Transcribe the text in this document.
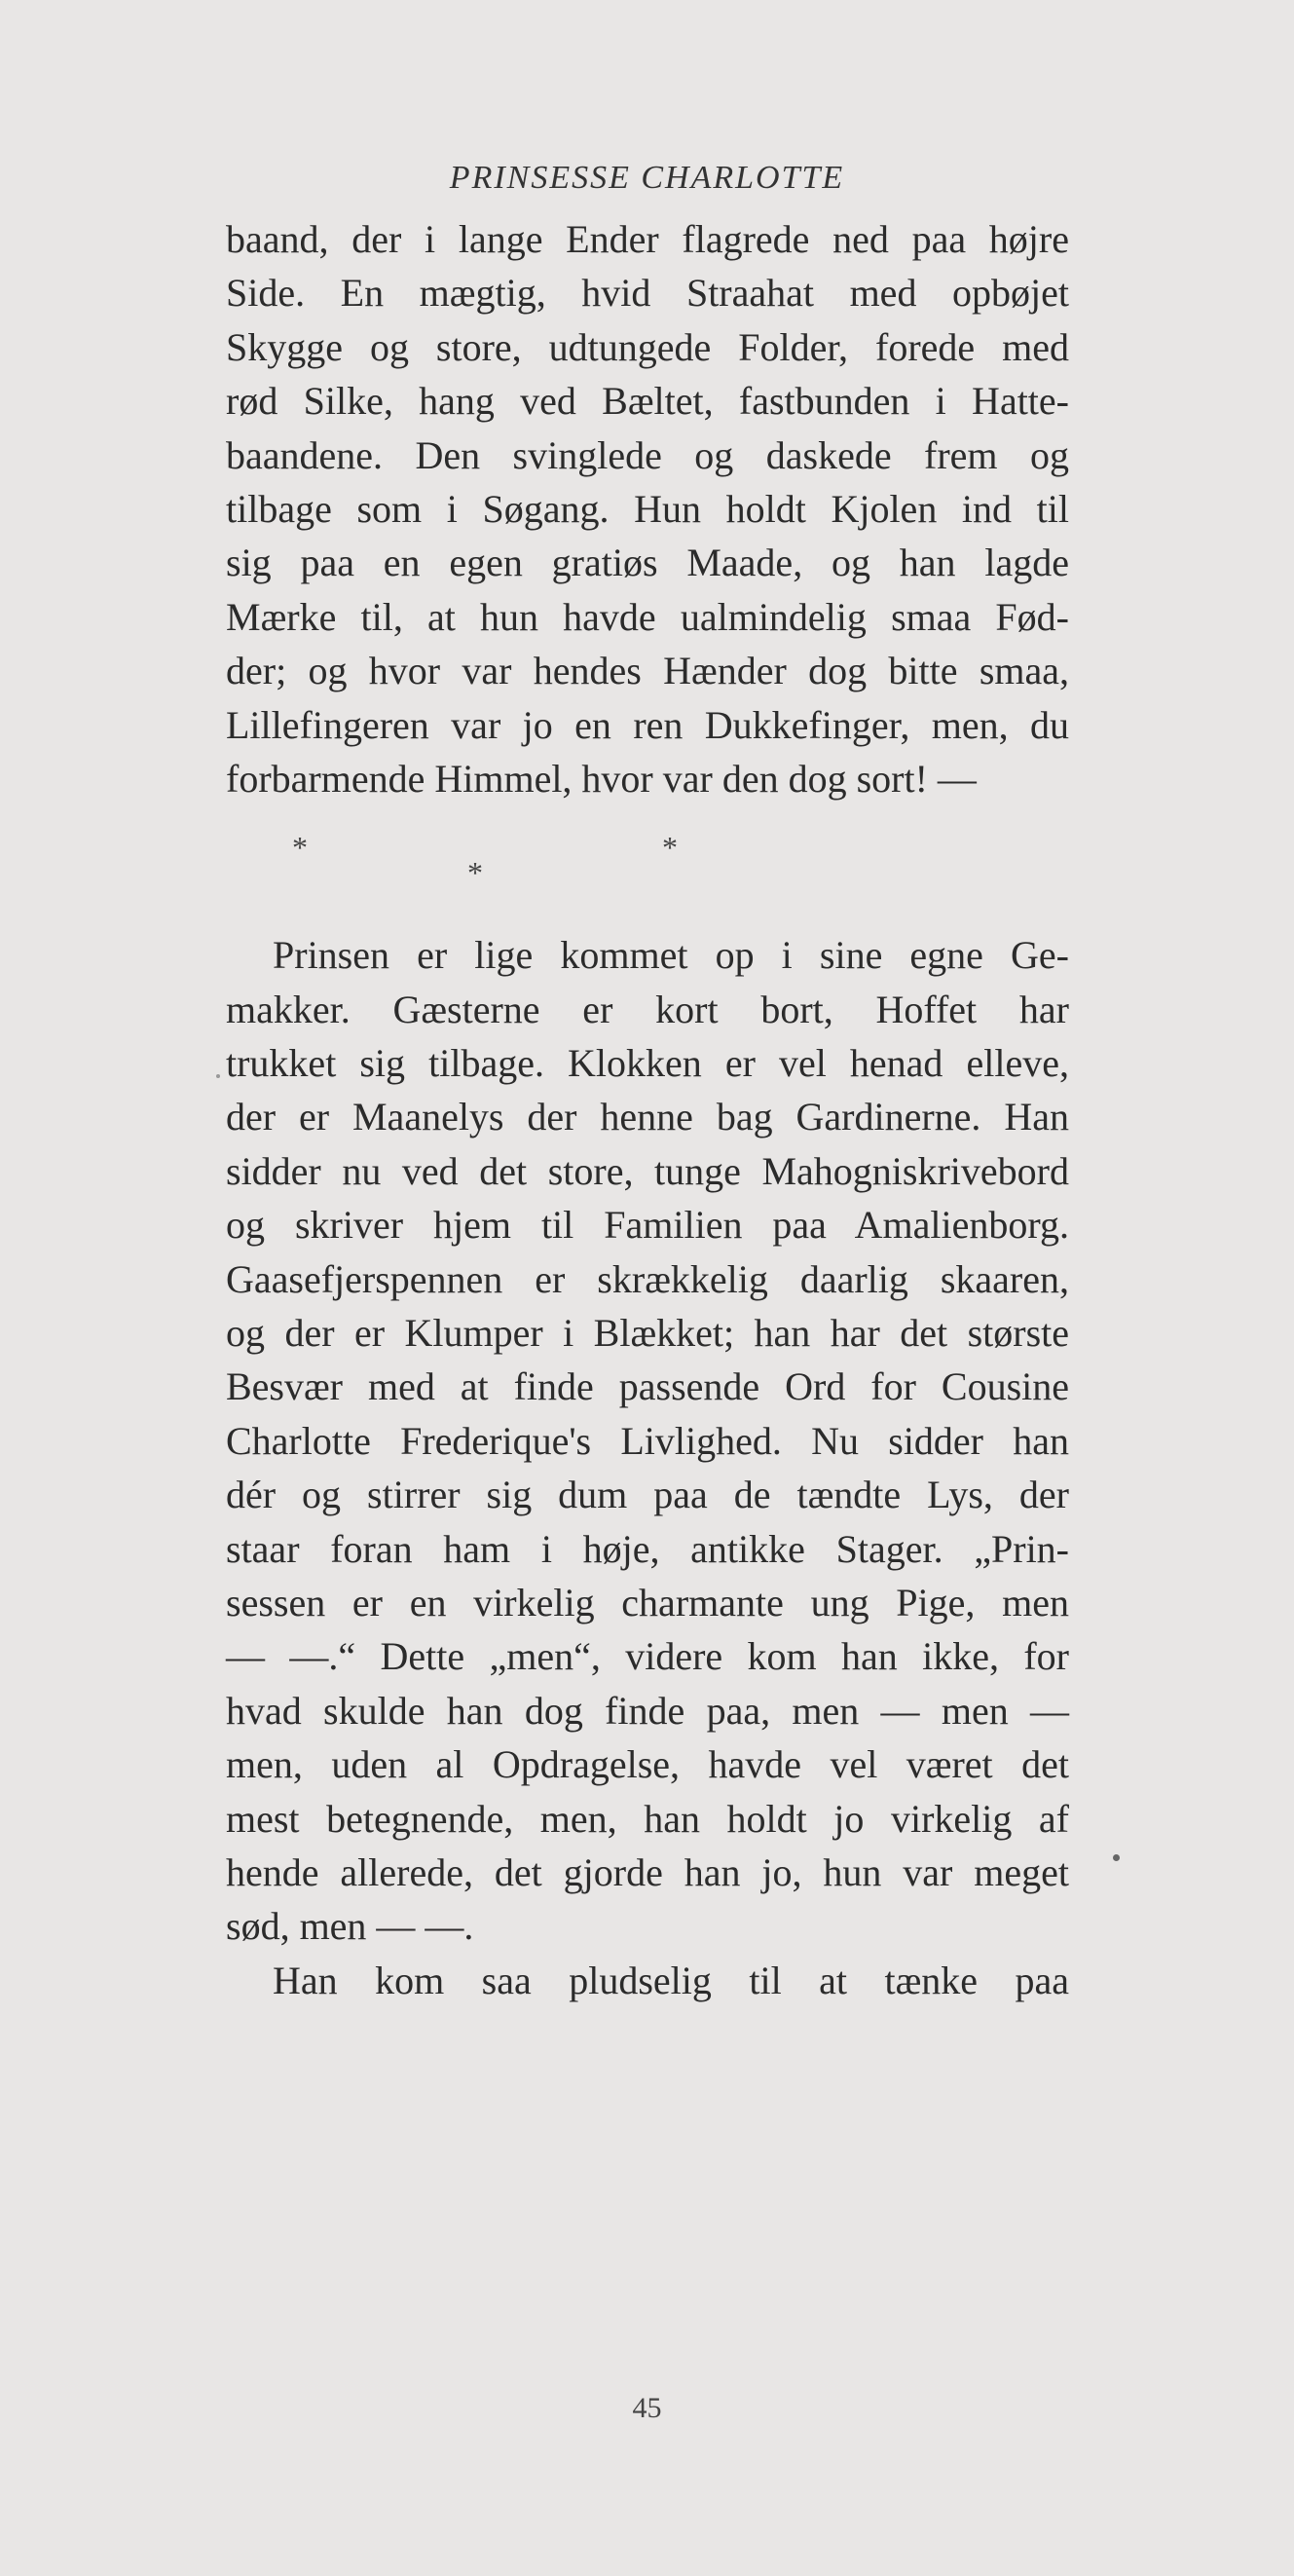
PRINSESSE CHARLOTTE
baand, der i lange Ender flagrede ned paa højre
Side. En mægtig, hvid Straahat med opbøjet
Skygge og store, udtungede Folder, forede med
rød Silke, hang ved Bæltet, fastbunden i Hatte-
baandene. Den svinglede og daskede frem og
tilbage som i Søgang. Hun holdt Kjolen ind til
sig paa en egen gratiøs Maade, og han lagde
Mærke til, at hun havde ualmindelig smaa Fød-
der; og hvor var hendes Hænder dog bitte smaa,
Lillefingeren var jo en ren Dukkefinger, men, du
forbarmende Himmel, hvor var den dog sort! —
*	*
*
Prinsen er lige kommet op i sine egne Ge-
makker. Gæsterne er kort bort, Hoffet har
trukket sig tilbage. Klokken er vel henad elleve,
der er Maanelys der henne bag Gardinerne. Han
sidder nu ved det store, tunge Mahogniskrivebord
og skriver hjem til Familien paa Amalienborg.
Gaasefjerspennen er skrækkelig daarlig skaaren,
og der er Klumper i Blækket; han har det største
Besvær med at finde passende Ord for Cousine
Charlotte Frederique's Livlighed. Nu sidder han
dér og stirrer sig dum paa de tændte Lys, der
staar foran ham i høje, antikke Stager. „Prin-
sessen er en virkelig charmante ung Pige, men
— —.“ Dette „men“, videre kom han ikke, for
hvad skulde han dog finde paa, men — men —
men, uden al Opdragelse, havde vel været det
mest betegnende, men, han holdt jo virkelig af
hende allerede, det gjorde han jo, hun var meget
sød, men — —.
Han kom saa pludselig til at tænke paa
45
